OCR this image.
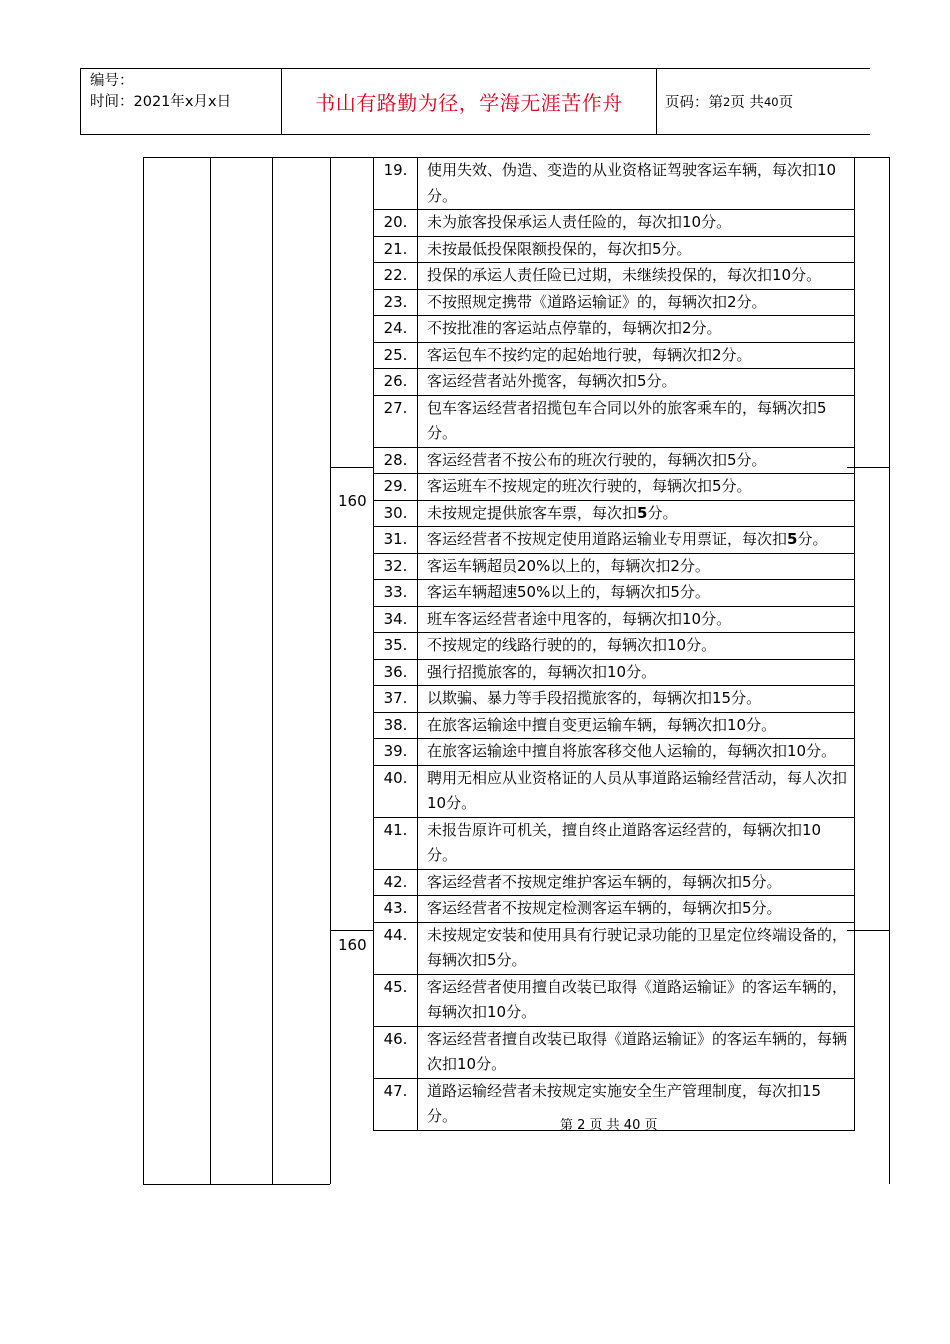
编号：
时间：2021年x月x日	书山有路勤为径，学海无涯苦作舟	页码：第 2 页 共 40 页
160
160
19.	使用失效、伪造、变造的从业资格证驾驶客运车辆，每次扣10分。
20.	未为旅客投保承运人责任险的，每次扣10分。
21.	未按最低投保限额投保的，每次扣5分。
22.	投保的承运人责任险已过期，未继续投保的，每次扣10分。
23.	不按照规定携带《道路运输证》的，每辆次扣2分。
24.	不按批准的客运站点停靠的，每辆次扣2分。
25.	客运包车不按约定的起始地行驶，每辆次扣2分。
26.	客运经营者站外揽客，每辆次扣5分。
27.	包车客运经营者招揽包车合同以外的旅客乘车的，每辆次扣5分。
28.	客运经营者不按公布的班次行驶的，每辆次扣5分。
29.	客运班车不按规定的班次行驶的，每辆次扣5分。
30.	未按规定提供旅客车票，每次扣5分。
31.	客运经营者不按规定使用道路运输业专用票证，每次扣5分。
32.	客运车辆超员20%以上的，每辆次扣2分。
33.	客运车辆超速50%以上的，每辆次扣5分。
34.	班车客运经营者途中甩客的，每辆次扣10分。
35.	不按规定的线路行驶的的，每辆次扣10分。
36.	强行招揽旅客的，每辆次扣10分。
37.	以欺骗、暴力等手段招揽旅客的，每辆次扣15分。
38.	在旅客运输途中擅自变更运输车辆，每辆次扣10分。
39.	在旅客运输途中擅自将旅客移交他人运输的，每辆次扣10分。
40.	聘用无相应从业资格证的人员从事道路运输经营活动，每人次扣10分。
41.	未报告原许可机关，擅自终止道路客运经营的，每辆次扣10分。
42.	客运经营者不按规定维护客运车辆的，每辆次扣5分。
43.	客运经营者不按规定检测客运车辆的，每辆次扣5分。
44.	未按规定安装和使用具有行驶记录功能的卫星定位终端设备的，每辆次扣5分。
45.	客运经营者使用擅自改装已取得《道路运输证》的客运车辆的，每辆次扣10分。
46.	客运经营者擅自改装已取得《道路运输证》的客运车辆的，每辆次扣10分。
47.	道路运输经营者未按规定实施安全生产管理制度，每次扣15分。
第 2 页 共 40 页
